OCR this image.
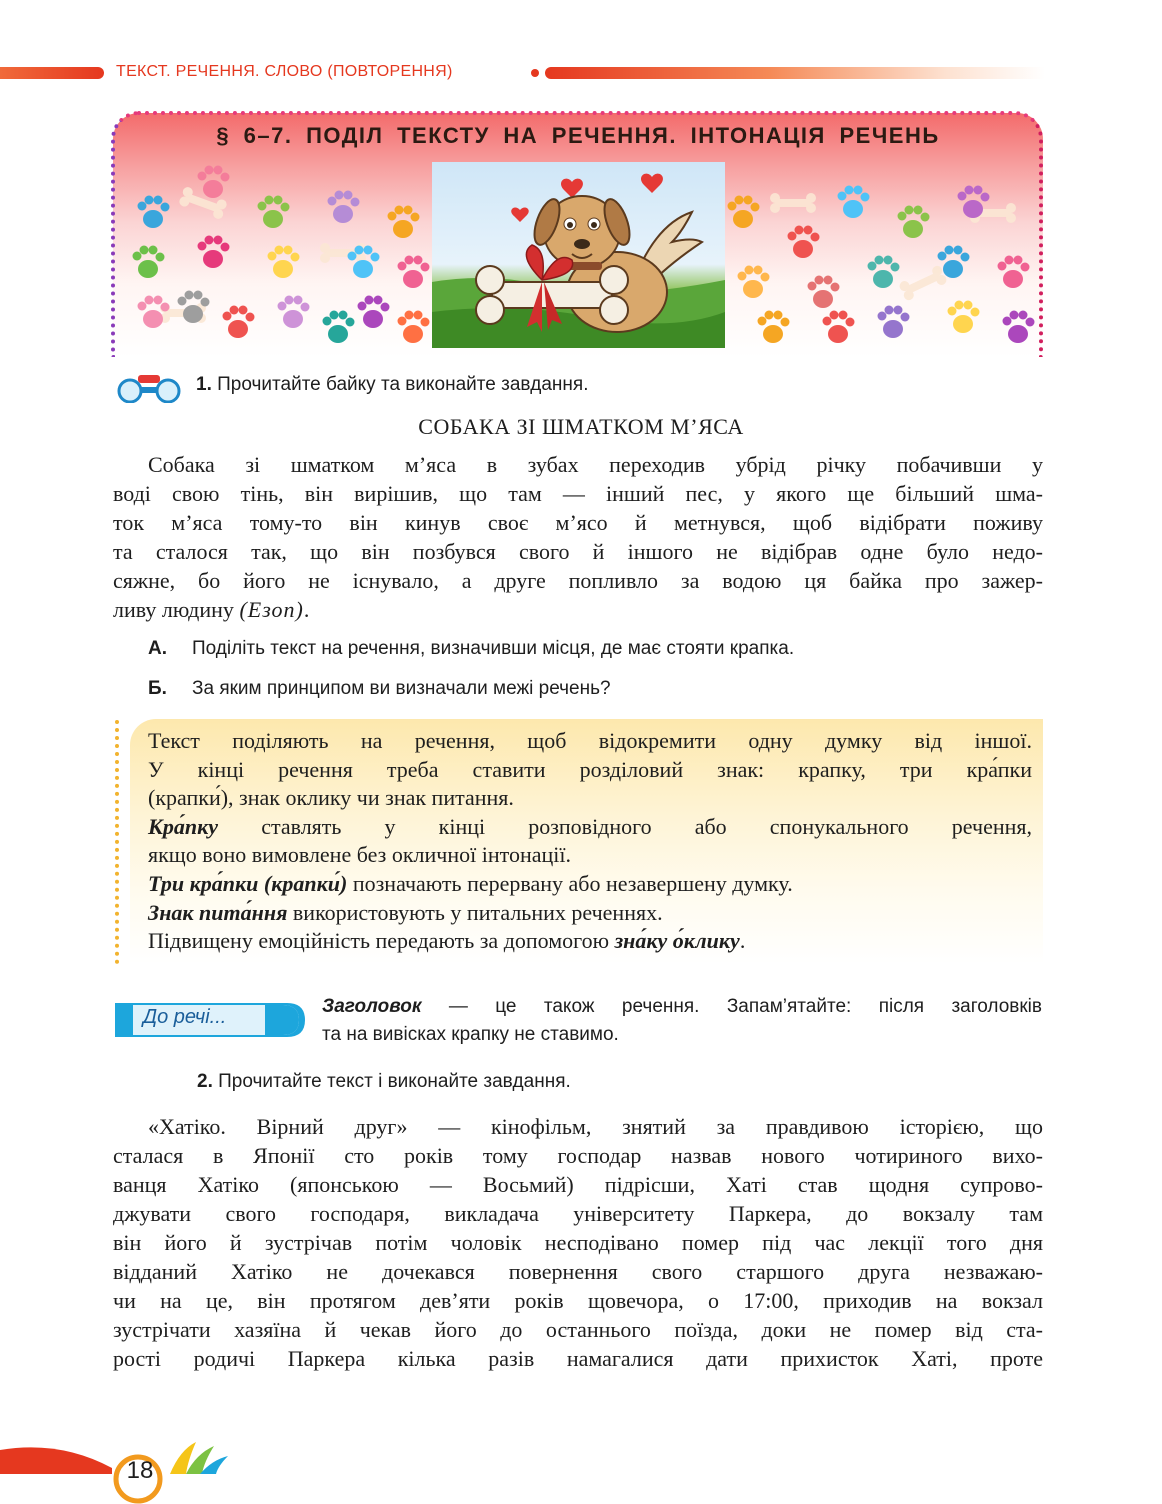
ТЕКСТ. РЕЧЕННЯ. СЛОВО (ПОВТОРЕННЯ)
§ 6–7. ПОДІЛ ТЕКСТУ НА РЕЧЕННЯ. ІНТОНАЦІЯ РЕЧЕНЬ
1. Прочитайте байку та виконайте завдання.
СОБАКА ЗІ ШМАТКОМ М’ЯСА
Собака зі шматком м’яса в зубах переходив убрід річку побачивши у
воді свою тінь, він вирішив, що там — інший пес, у якого ще більший шма-
ток м’яса тому-то він кинув своє м’ясо й метнувся, щоб відібрати поживу
та сталося так, що він позбувся свого й іншого не відібрав одне було недо-
сяжне, бо його не існувало, а друге попливло за водою ця байка про зажер-
ливу людину (Езоп).
А. Поділіть текст на речення, визначивши місця, де має стояти крапка.
Б. За яким принципом ви визначали межі речень?
Текст поділяють на речення, щоб відокремити одну думку від іншої.
У кінці речення треба ставити розділовий знак: крапку, три кра́пки
(крапки́), знак оклику чи знак питання.
Кра́пку ставлять у кінці розповідного або спонукального речення,
якщо воно вимовлене без окличної інтонації.
Три кра́пки (крапки́) позначають перервану або незавершену думку.
Знак пита́ння використовують у питальних реченнях.
Підвищену емоційність передають за допомогою зна́ку о́клику.
До речі...	Заголовок — це також речення. Запам’ятайте: після заголовків
та на вивісках крапку не ставимо.
2. Прочитайте текст і виконайте завдання.
«Хатіко. Вірний друг» — кінофільм, знятий за правдивою історією, що
сталася в Японії сто років тому господар назвав нового чотириного вихо-
ванця Хатіко (японською — Восьмий) підрісши, Хаті став щодня супрово-
джувати свого господаря, викладача університету Паркера, до вокзалу там
він його й зустрічав потім чоловік несподівано помер під час лекції того дня
відданий Хатіко не дочекався повернення свого старшого друга незважаю-
чи на це, він протягом дев’яти років щовечора, о 17:00, приходив на вокзал
зустрічати хазяїна й чекав його до останнього поїзда, доки не помер від ста-
рості родичі Паркера кілька разів намагалися дати прихисток Хаті, проте
18
